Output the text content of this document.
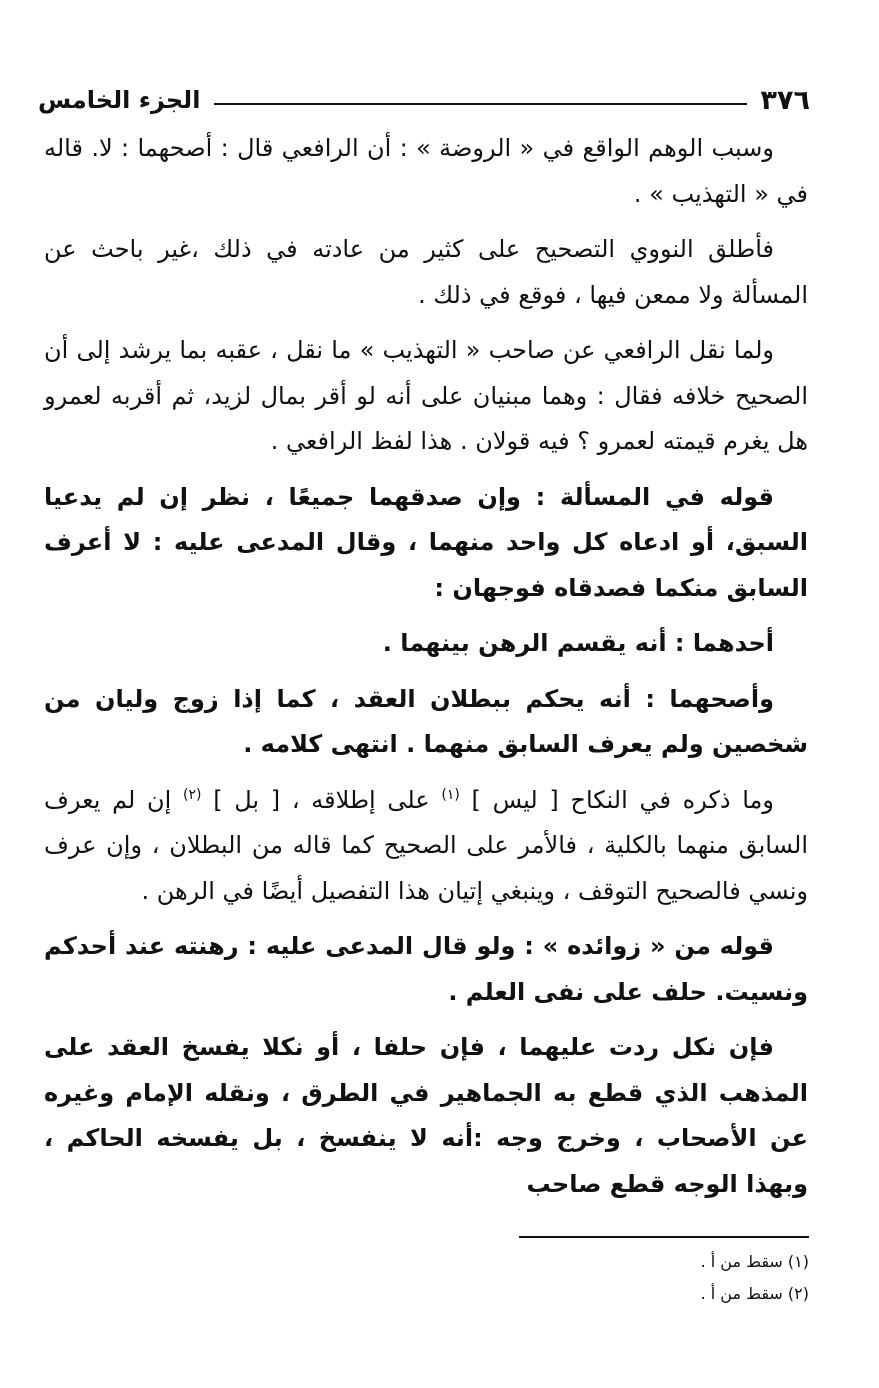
٣٧٦
الجزء الخامس

وسبب الوهم الواقع في « الروضة » : أن الرافعي قال : أصحهما : لا. قاله في « التهذيب » .

فأطلق النووي التصحيح على كثير من عادته في ذلك ،غير باحث عن المسألة ولا ممعن فيها ، فوقع في ذلك .

ولما نقل الرافعي عن صاحب « التهذيب » ما نقل ، عقبه بما يرشد إلى أن الصحيح خلافه فقال : وهما مبنيان على أنه لو أقر بمال لزيد، ثم أقربه لعمرو هل يغرم قيمته لعمرو ؟ فيه قولان . هذا لفظ الرافعي .

قوله في المسألة : وإن صدقهما جميعًا ، نظر إن لم يدعيا السبق، أو ادعاه كل واحد منهما ، وقال المدعى عليه : لا أعرف السابق منكما فصدقاه فوجهان :

أحدهما : أنه يقسم الرهن بينهما .

وأصحهما : أنه يحكم ببطلان العقد ، كما إذا زوج وليان من شخصين ولم يعرف السابق منهما . انتهى كلامه .

وما ذكره في النكاح [ ليس ] $^{(١)}$ على إطلاقه ، [ بل ] $^{(٢)}$ إن لم يعرف السابق منهما بالكلية ، فالأمر على الصحيح كما قاله من البطلان ، وإن عرف ونسي فالصحيح التوقف ، وينبغي إتيان هذا التفصيل أيضًا في الرهن .

قوله من « زوائده » : ولو قال المدعى عليه : رهنته عند أحدكم ونسيت. حلف على نفى العلم .

فإن نكل ردت عليهما ، فإن حلفا ، أو نكلا يفسخ العقد على المذهب الذي قطع به الجماهير في الطرق ، ونقله الإمام وغيره عن الأصحاب ، وخرج وجه :أنه لا ينفسخ ، بل يفسخه الحاكم ، وبهذا الوجه قطع صاحب

(١) سقط من أ .

(٢) سقط من أ .
